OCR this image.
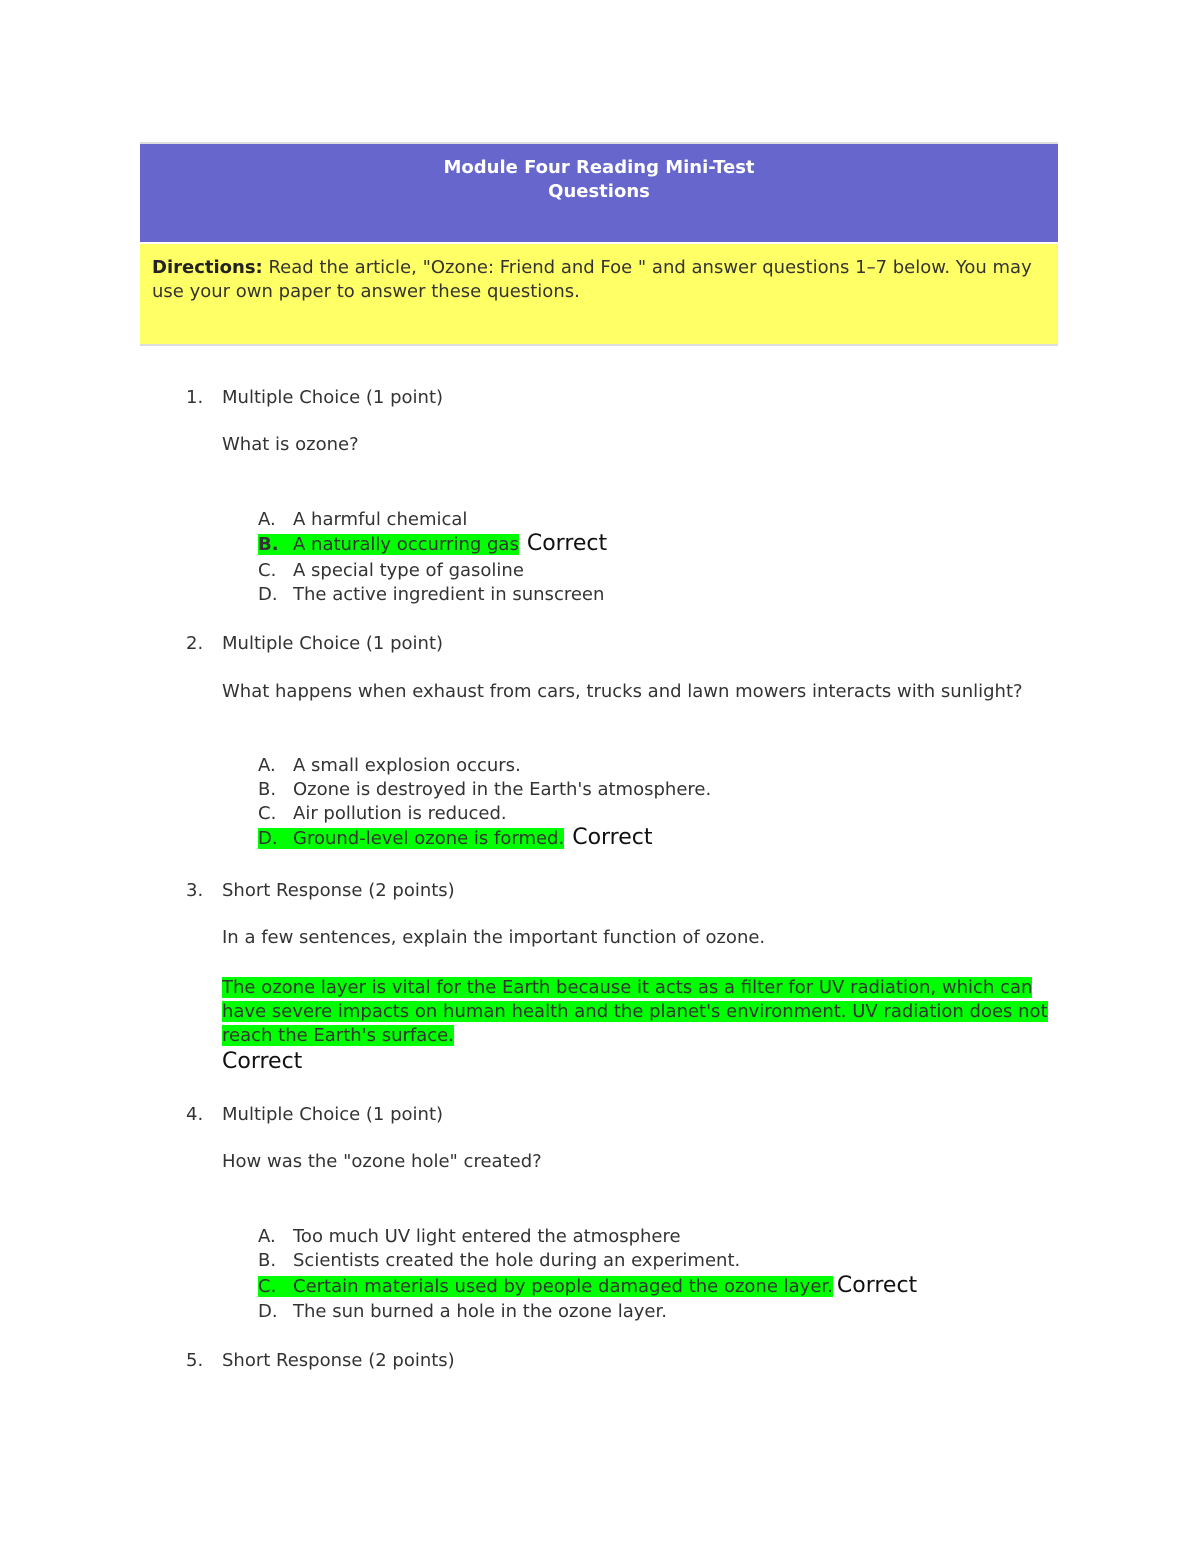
Module Four Reading Mini-Test
Questions
Directions: Read the article, "Ozone: Friend and Foe " and answer questions 1–7 below. You may use your own paper to answer these questions.
1. Multiple Choice (1 point)
What is ozone?
A. A harmful chemical
B. A naturally occurring gas Correct
C. A special type of gasoline
D. The active ingredient in sunscreen
2. Multiple Choice (1 point)
What happens when exhaust from cars, trucks and lawn mowers interacts with sunlight?
A. A small explosion occurs.
B. Ozone is destroyed in the Earth's atmosphere.
C. Air pollution is reduced.
D. Ground-level ozone is formed. Correct
3. Short Response (2 points)
In a few sentences, explain the important function of ozone.
The ozone layer is vital for the Earth because it acts as a filter for UV radiation, which can have severe impacts on human health and the planet's environment. UV radiation does not reach the Earth's surface.
Correct
4. Multiple Choice (1 point)
How was the "ozone hole" created?
A. Too much UV light entered the atmosphere
B. Scientists created the hole during an experiment.
C. Certain materials used by people damaged the ozone layer. Correct
D. The sun burned a hole in the ozone layer.
5. Short Response (2 points)
